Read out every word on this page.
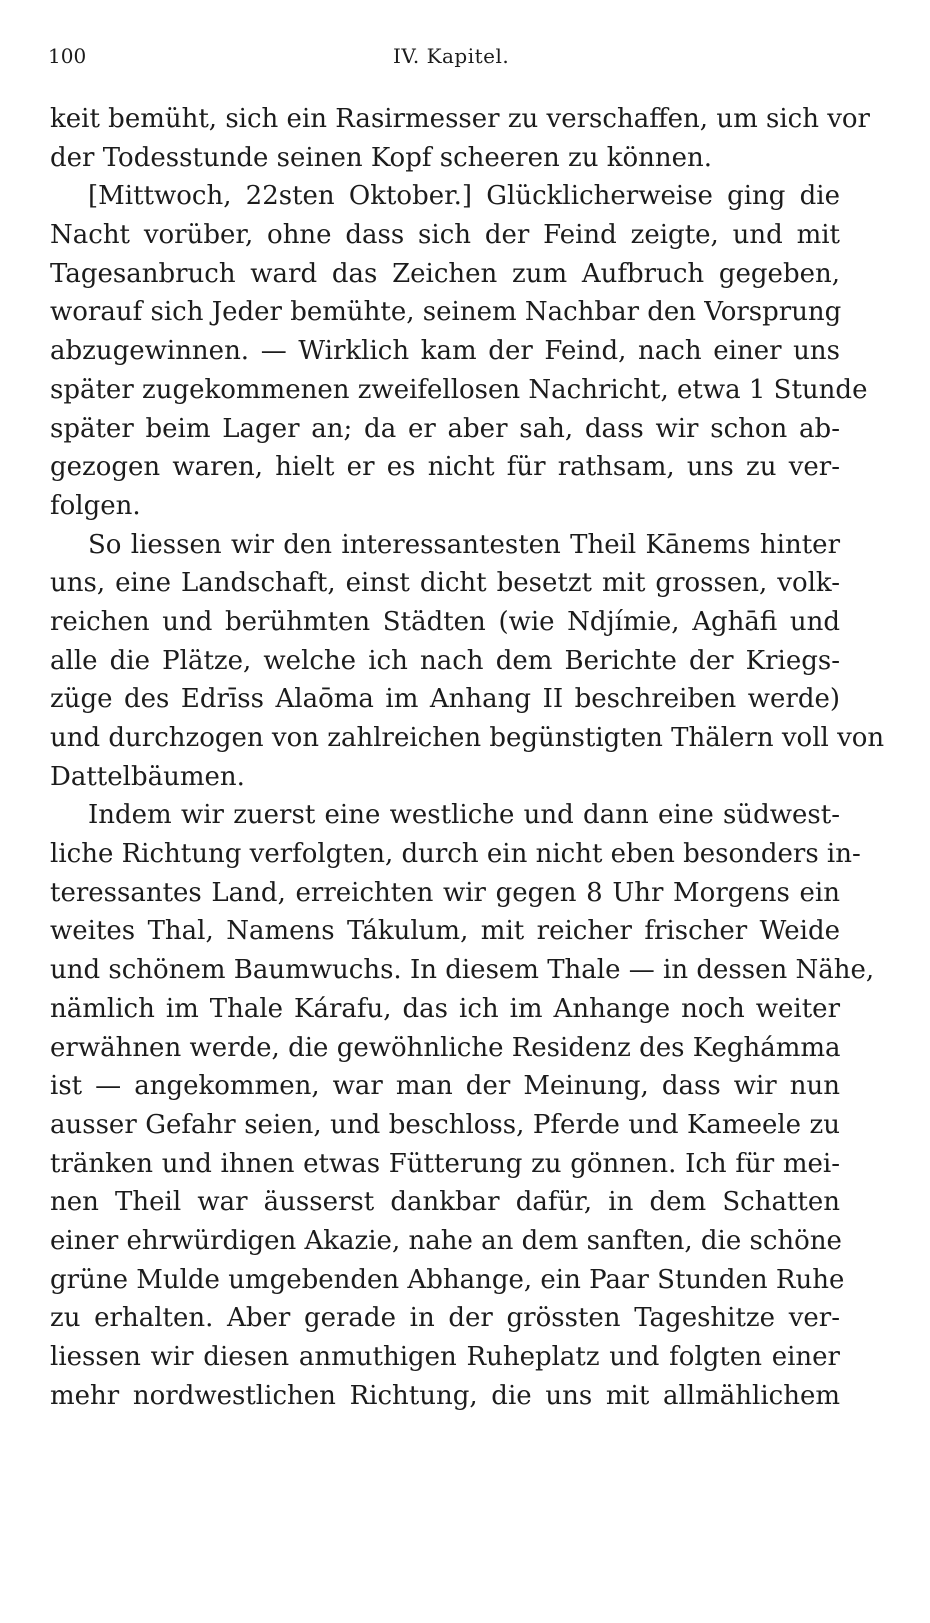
100	IV. Kapitel.
keit bemüht, sich ein Rasirmesser zu verschaffen, um sich vor
der Todesstunde seinen Kopf scheeren zu können.
[Mittwoch, 22sten Oktober.] Glücklicherweise ging die
Nacht vorüber, ohne dass sich der Feind zeigte, und mit
Tagesanbruch ward das Zeichen zum Aufbruch gegeben,
worauf sich Jeder bemühte, seinem Nachbar den Vorsprung
abzugewinnen. — Wirklich kam der Feind, nach einer uns
später zugekommenen zweifellosen Nachricht, etwa 1 Stunde
später beim Lager an; da er aber sah, dass wir schon ab-
gezogen waren, hielt er es nicht für rathsam, uns zu ver-
folgen.
So liessen wir den interessantesten Theil Kānems hinter
uns, eine Landschaft, einst dicht besetzt mit grossen, volk-
reichen und berühmten Städten (wie Ndjímie, Aghāfi und
alle die Plätze, welche ich nach dem Berichte der Kriegs-
züge des Edrīss Alaōma im Anhang II beschreiben werde)
und durchzogen von zahlreichen begünstigten Thälern voll von
Dattelbäumen.
Indem wir zuerst eine westliche und dann eine südwest-
liche Richtung verfolgten, durch ein nicht eben besonders in-
teressantes Land, erreichten wir gegen 8 Uhr Morgens ein
weites Thal, Namens Tákulum, mit reicher frischer Weide
und schönem Baumwuchs. In diesem Thale — in dessen Nähe,
nämlich im Thale Kárafu, das ich im Anhange noch weiter
erwähnen werde, die gewöhnliche Residenz des Keghámma
ist — angekommen, war man der Meinung, dass wir nun
ausser Gefahr seien, und beschloss, Pferde und Kameele zu
tränken und ihnen etwas Fütterung zu gönnen. Ich für mei-
nen Theil war äusserst dankbar dafür, in dem Schatten
einer ehrwürdigen Akazie, nahe an dem sanften, die schöne
grüne Mulde umgebenden Abhange, ein Paar Stunden Ruhe
zu erhalten. Aber gerade in der grössten Tageshitze ver-
liessen wir diesen anmuthigen Ruheplatz und folgten einer
mehr nordwestlichen Richtung, die uns mit allmählichem
